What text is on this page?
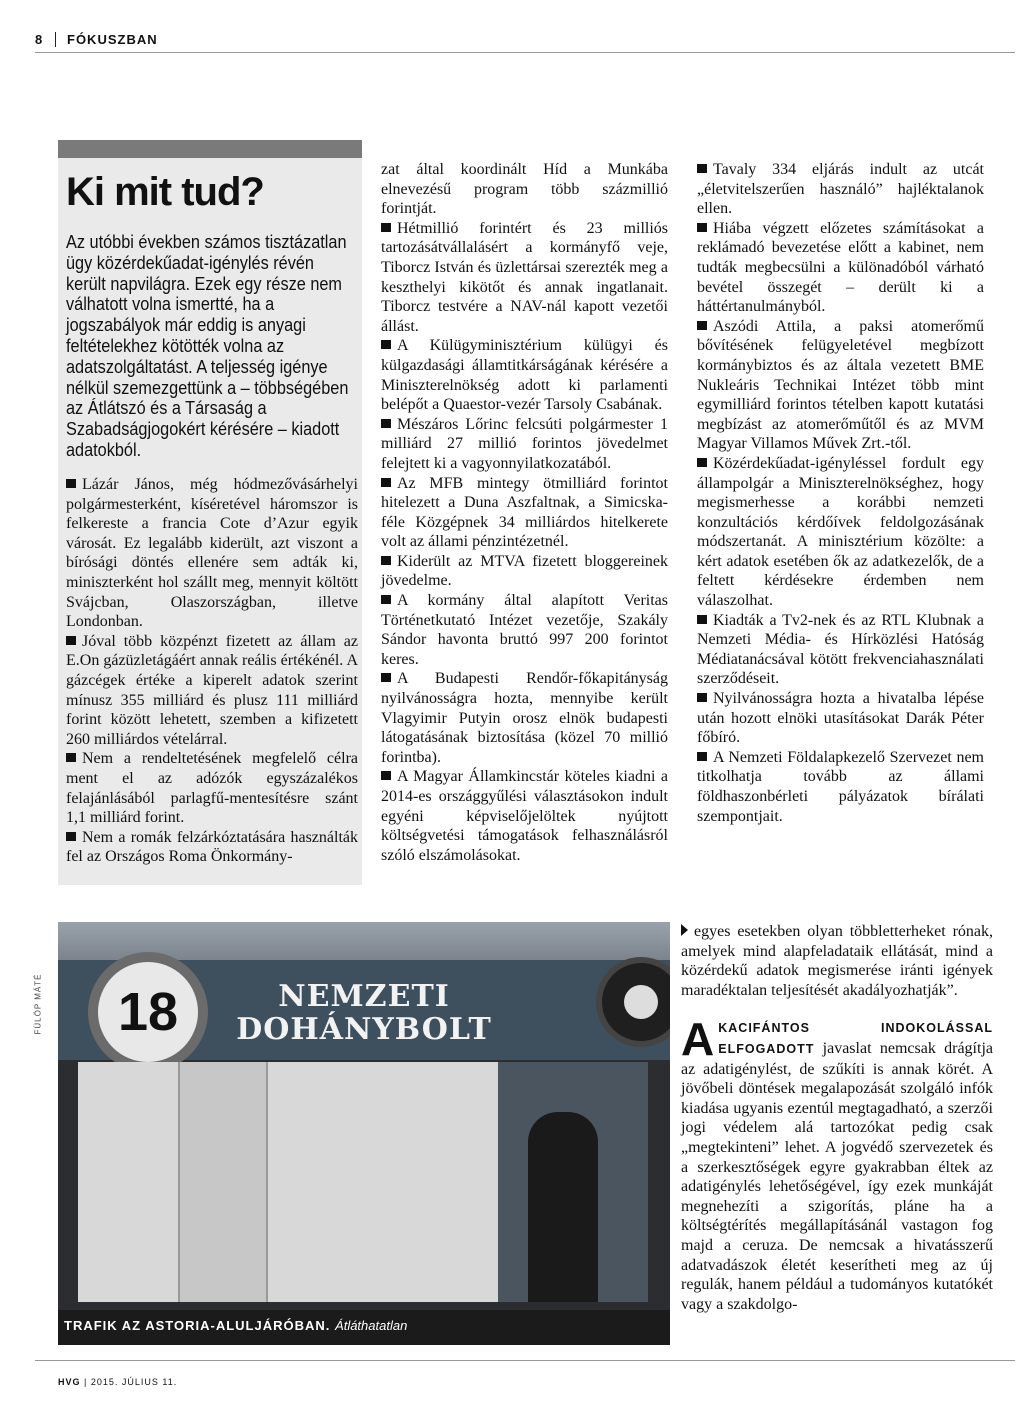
8 FÓKUSZBAN
Ki mit tud?
Az utóbbi években számos tisztázatlan ügy közérdekűadat-igénylés révén került napvilágra. Ezek egy része nem válhatott volna ismertté, ha a jogszabályok már eddig is anyagi feltételekhez kötötték volna az adatszolgáltatást. A teljesség igénye nélkül szemezgettünk a – többségében az Átlátszó és a Társaság a Szabadságjogokért kérésére – kiadott adatokból.

Lázár János, még hódmezővásárhelyi polgármesterként, kíséretével háromszor is felkereste a francia Cote d’Azur egyik városát. Ez legalább kiderült, azt viszont a bírósági döntés ellenére sem adták ki, miniszterként hol szállt meg, mennyit költött Svájcban, Olaszországban, illetve Londonban.

Jóval több közpénzt fizetett az állam az E.On gázüzletágáért annak reális értékénél. A gázcégek értéke a kiperelt adatok szerint mínusz 355 milliárd és plusz 111 milliárd forint között lehetett, szemben a kifizetett 260 milliárdos vételárral.

Nem a rendeltetésének megfelelő célra ment el az adózók egyszázalékos felajánlásából parlagfű-mentesítésre szánt 1,1 milliárd forint.

Nem a romák felzárkóztatására használták fel az Országos Roma Önkormány-

zat által koordinált Híd a Munkába elnevezésű program több százmillió forintját.

Hétmillió forintért és 23 milliós tartozásátvállalásért a kormányfő veje, Tiborcz István és üzlettársai szerezték meg a keszthelyi kikötőt és annak ingatlanait. Tiborcz testvére a NAV-nál kapott vezetői állást.

A Külügyminisztérium külügyi és külgazdasági államtitkárságának kérésére a Miniszterelnökség adott ki parlamenti belépőt a Quaestor-vezér Tarsoly Csabának.

Mészáros Lőrinc felcsúti polgármester 1 milliárd 27 millió forintos jövedelmet felejtett ki a vagyonnyilatkozatából.

Az MFB mintegy ötmilliárd forintot hitelezett a Duna Aszfaltnak, a Simicska-féle Közgépnek 34 milliárdos hitelkerete volt az állami pénzintézetnél.

Kiderült az MTVA fizetett bloggereinek jövedelme.

A kormány által alapított Veritas Történetkutató Intézet vezetője, Szakály Sándor havonta bruttó 997 200 forintot keres.

A Budapesti Rendőr-főkapitányság nyilvánosságra hozta, mennyibe került Vlagyimir Putyin orosz elnök budapesti látogatásának biztosítása (közel 70 millió forintba).

A Magyar Államkincstár köteles kiadni a 2014-es országgyűlési választásokon indult egyéni képviselőjelöltek nyújtott költségvetési támogatások felhasználásról szóló elszámolásokat.

Tavaly 334 eljárás indult az utcát „életvitelszerűen használó” hajléktalanok ellen.

Hiába végzett előzetes számításokat a reklámadó bevezetése előtt a kabinet, nem tudták megbecsülni a különadóból várható bevétel összegét – derült ki a háttértanulmányból.

Aszódi Attila, a paksi atomerőmű bővítésének felügyeletével megbízott kormánybiztos és az általa vezetett BME Nukleáris Technikai Intézet több mint egymilliárd forintos tételben kapott kutatási megbízást az atomerőműtől és az MVM Magyar Villamos Művek Zrt.-től.

Közérdekűadat-igényléssel fordult egy állampolgár a Miniszterelnökséghez, hogy megismerhesse a korábbi nemzeti konzultációs kérdőívek feldolgozásának módszertanát. A minisztérium közölte: a kért adatok esetében ők az adatkezelők, de a feltett kérdésekre érdemben nem válaszolhat.

Kiadták a Tv2-nek és az RTL Klubnak a Nemzeti Média- és Hírközlési Hatóság Médiatanácsával kötött frekvenciahasználati szerződéseit.

Nyilvánosságra hozta a hivatalba lépése után hozott elnöki utasításokat Darák Péter főbíró.

A Nemzeti Földalapkezelő Szervezet nem titkolhatja tovább az állami földhaszonbérleti pályázatok bírálati szempontjait.

FÜLÖP MÁTÉ	NEMZETI
DOHÁNYBOLT
18
TRAFIK AZ ASTORIA-ALULJÁRÓBAN. Átláthatatlan

egyes esetekben olyan többletterheket rónak, amelyek mind alapfeladataik ellátását, mind a közérdekű adatok megismerése iránti igények maradéktalan teljesítését akadályozhatják”.

AKACIFÁNTOS INDOKOLÁSSAL ELFOGADOTT javaslat nemcsak drágítja az adatigénylést, de szűkíti is annak körét. A jövőbeli döntések megalapozását szolgáló infók kiadása ugyanis ezentúl megtagadható, a szerzői jogi védelem alá tartozókat pedig csak „megtekinteni” lehet. A jogvédő szervezetek és a szerkesztőségek egyre gyakrabban éltek az adatigénylés lehetőségével, így ezek munkáját megnehezíti a szigorítás, pláne ha a költségtérítés megállapításánál vastagon fog majd a ceruza. De nemcsak a hivatásszerű adatvadászok életét keserítheti meg az új regulák, hanem például a tudományos kutatókét vagy a szakdolgo-

HVG | 2015. JÚLIUS 11.
